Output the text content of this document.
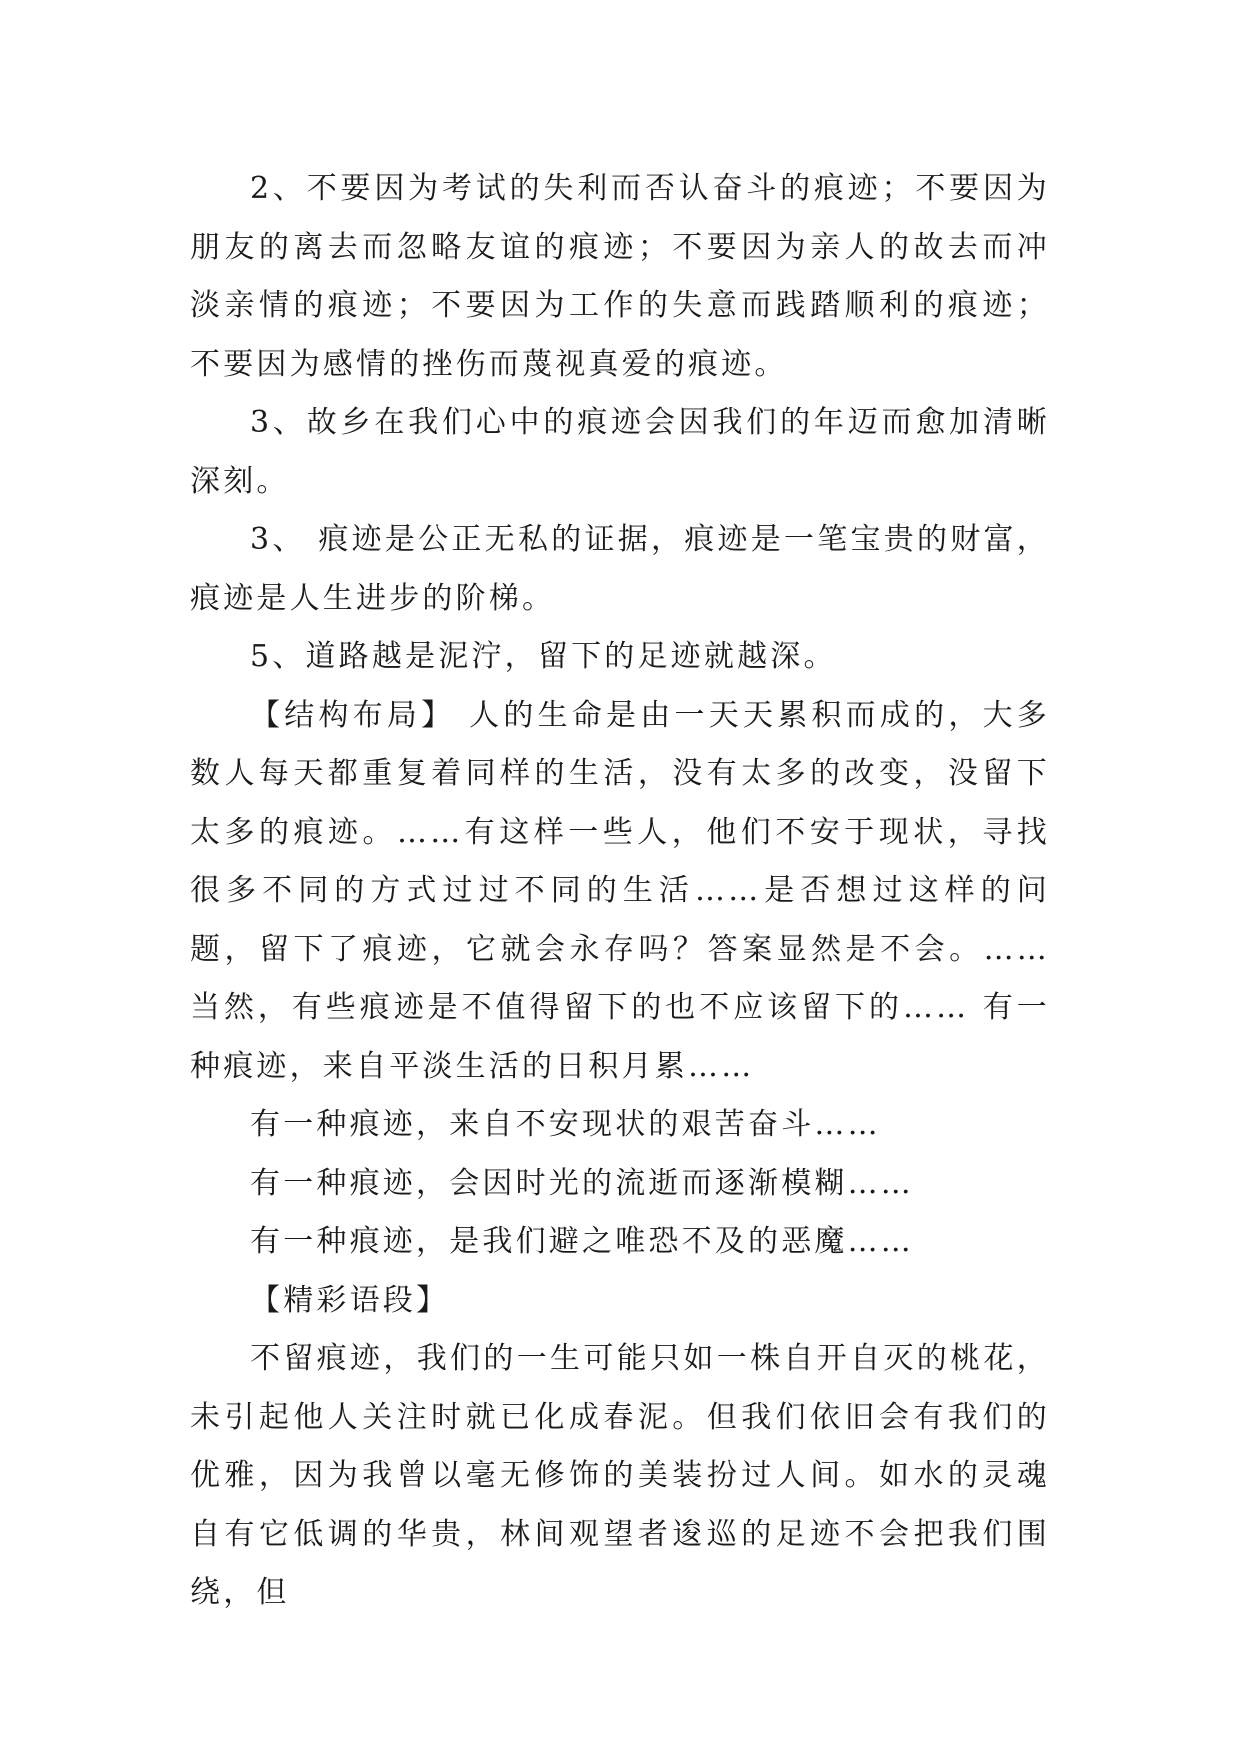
2、不要因为考试的失利而否认奋斗的痕迹；不要因为朋友的离去而忽略友谊的痕迹；不要因为亲人的故去而冲淡亲情的痕迹；不要因为工作的失意而践踏顺利的痕迹；不要因为感情的挫伤而蔑视真爱的痕迹。

3、故乡在我们心中的痕迹会因我们的年迈而愈加清晰深刻。

3、 痕迹是公正无私的证据，痕迹是一笔宝贵的财富，痕迹是人生进步的阶梯。

5、道路越是泥泞，留下的足迹就越深。

【结构布局】 人的生命是由一天天累积而成的，大多数人每天都重复着同样的生活，没有太多的改变，没留下太多的痕迹。……有这样一些人，他们不安于现状，寻找很多不同的方式过过不同的生活……是否想过这样的问题，留下了痕迹，它就会永存吗？答案显然是不会。……当然，有些痕迹是不值得留下的也不应该留下的…… 有一种痕迹，来自平淡生活的日积月累……

有一种痕迹，来自不安现状的艰苦奋斗……

有一种痕迹，会因时光的流逝而逐渐模糊……

有一种痕迹，是我们避之唯恐不及的恶魔……

【精彩语段】

不留痕迹，我们的一生可能只如一株自开自灭的桃花，未引起他人关注时就已化成春泥。但我们依旧会有我们的优雅，因为我曾以毫无修饰的美装扮过人间。如水的灵魂自有它低调的华贵，林间观望者逡巡的足迹不会把我们围绕，但
